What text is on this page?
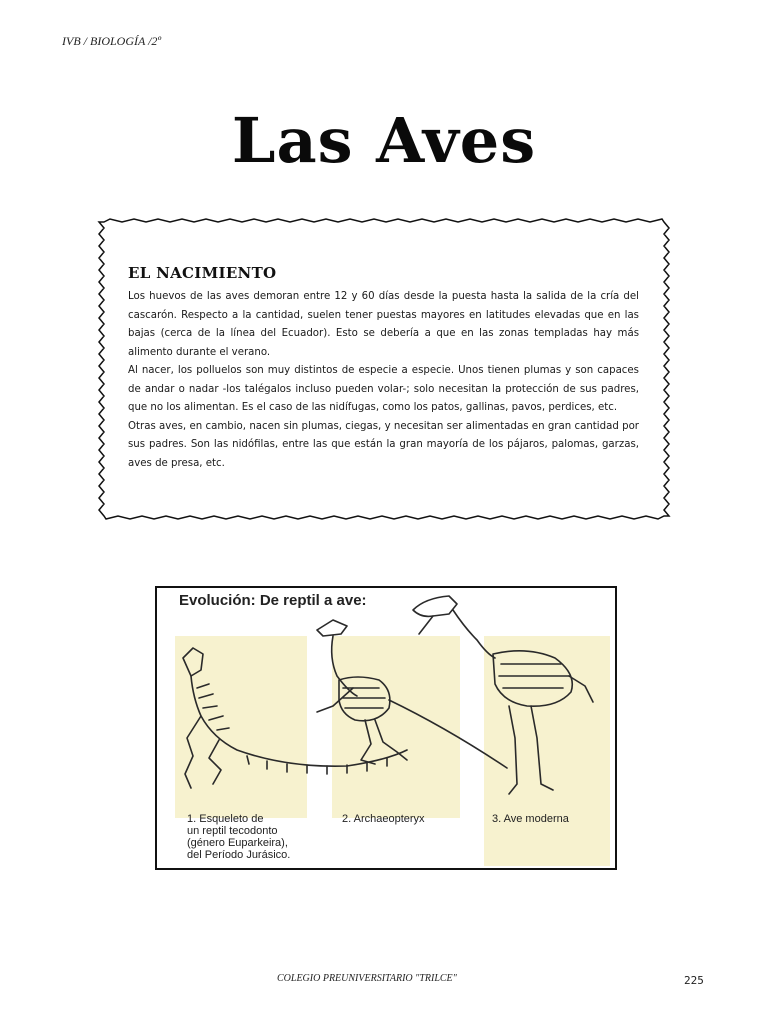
IVB / BIOLOGÍA /2º
Las Aves
EL NACIMIENTO

Los huevos de las aves demoran entre 12 y 60 días desde la puesta hasta la salida de la cría del cascarón. Respecto a la cantidad, suelen tener puestas mayores en latitudes elevadas que en las bajas (cerca de la línea del Ecuador). Esto se debería a que en las zonas templadas hay más alimento durante el verano.

Al nacer, los polluelos son muy distintos de especie a especie. Unos tienen plumas y son capaces de andar o nadar -los talégalos incluso pueden volar-; solo necesitan la protección de sus padres, que no los alimentan. Es el caso de las nidífugas, como los patos, gallinas, pavos, perdices, etc.

Otras aves, en cambio, nacen sin plumas, ciegas, y necesitan ser alimentadas en gran cantidad por sus padres. Son las nidófilas, entre las que están la gran mayoría de los pájaros, palomas, garzas, aves de presa, etc.

Evolución: De reptil a ave:
1. Esqueleto de
un reptil tecodonto
(género Euparkeira),
del Período Jurásico.
2. Archaeopteryx	3. Ave moderna
COLEGIO PREUNIVERSITARIO "TRILCE"	225
